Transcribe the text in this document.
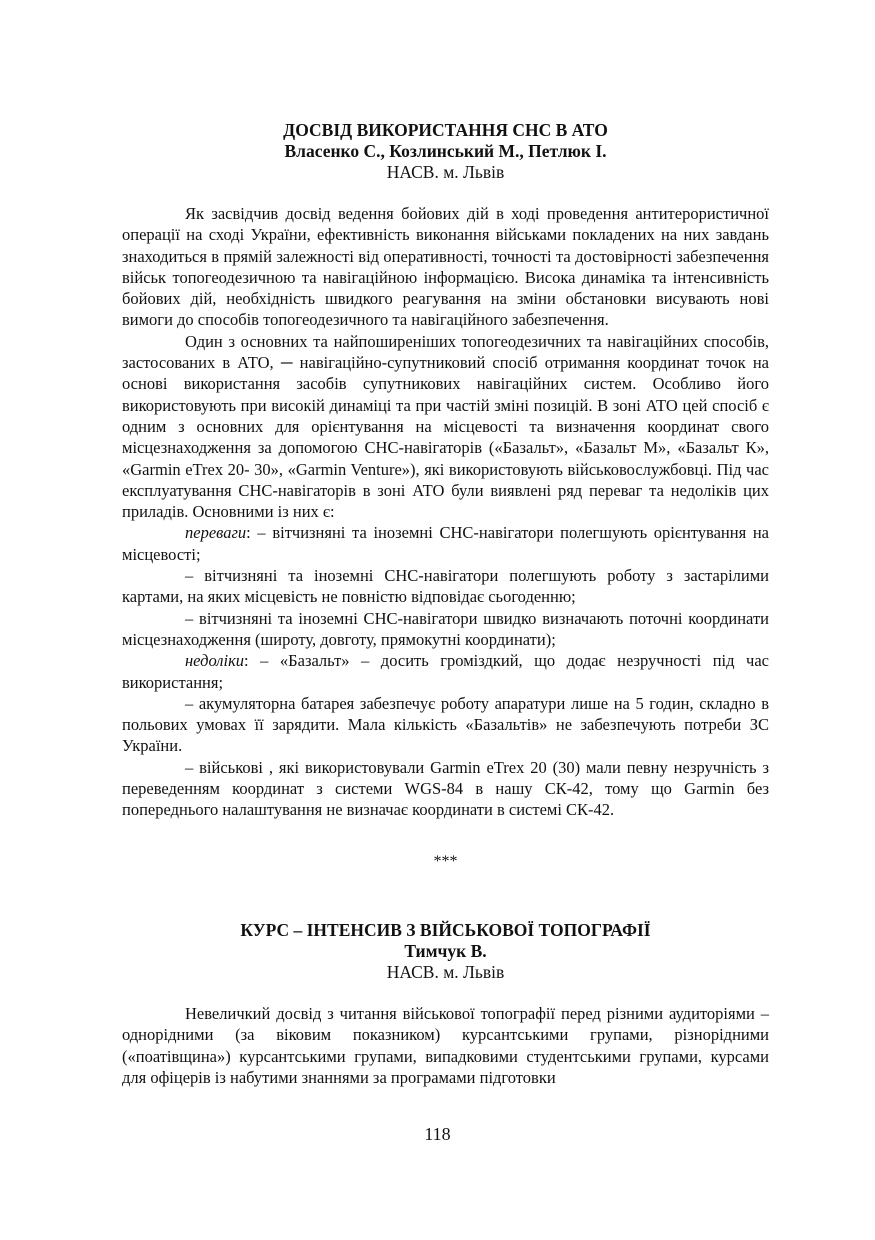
ДОСВІД ВИКОРИСТАННЯ СНС В АТО

Власенко С., Козлинський М., Петлюк І.

НАСВ. м. Львів

Як засвідчив досвід ведення бойових дій в ході проведення антитерористичної операції на сході України, ефективність виконання військами покладених на них завдань знаходиться в прямій залежності від оперативності, точності та достовірності забезпечення військ топогеодезичною та навігаційною інформацією. Висока динаміка та інтенсивність бойових дій, необхідність швидкого реагування на зміни обстановки висувають нові вимоги до способів топогеодезичного та навігаційного забезпечення.

Один з основних та найпоширеніших топогеодезичних та навігаційних способів, застосованих в АТО, ─ навігаційно-супутниковий спосіб отримання координат точок на основі використання засобів супутникових навігаційних систем. Особливо його використовують при високій динаміці та при частій зміні позицій. В зоні АТО цей спосіб є одним з основних для орієнтування на місцевості та визначення координат свого місцезнаходження за допомогою СНС-навігаторів («Базальт», «Базальт М», «Базальт К», «Garmin eTrex 20- 30», «Garmin Venture»), які використовують військовослужбовці. Під час експлуатування СНС-навігаторів в зоні АТО були виявлені ряд переваг та недоліків цих приладів. Основними із них є:

переваги: – вітчизняні та іноземні СНС-навігатори полегшують орієнтування на місцевості;

– вітчизняні та іноземні СНС-навігатори полегшують роботу з застарілими картами, на яких місцевість не повністю відповідає сьогоденню;

– вітчизняні та іноземні СНС-навігатори швидко визначають поточні координати місцезнаходження (широту, довготу, прямокутні координати);

недоліки: – «Базальт» – досить громіздкий, що додає незручності під час використання;

– акумуляторна батарея забезпечує роботу апаратури лише на 5 годин, складно в польових умовах її зарядити. Мала кількість «Базальтів» не забезпечують потреби ЗС України.

– військові , які використовували Garmin eTrex 20 (30) мали певну незручність з переведенням координат з системи WGS-84 в нашу СК-42, тому що Garmin без попереднього налаштування не визначає координати в системі СК-42.

***

КУРС – ІНТЕНСИВ З ВІЙСЬКОВОЇ ТОПОГРАФІЇ

Тимчук В.

НАСВ. м. Львів

Невеличкий досвід з читання військової топографії перед різними аудиторіями – однорідними (за віковим показником) курсантськими групами, різнорідними («поатівщина») курсантськими групами, випадковими студентськими групами, курсами для офіцерів із набутими знаннями за програмами підготовки

118
